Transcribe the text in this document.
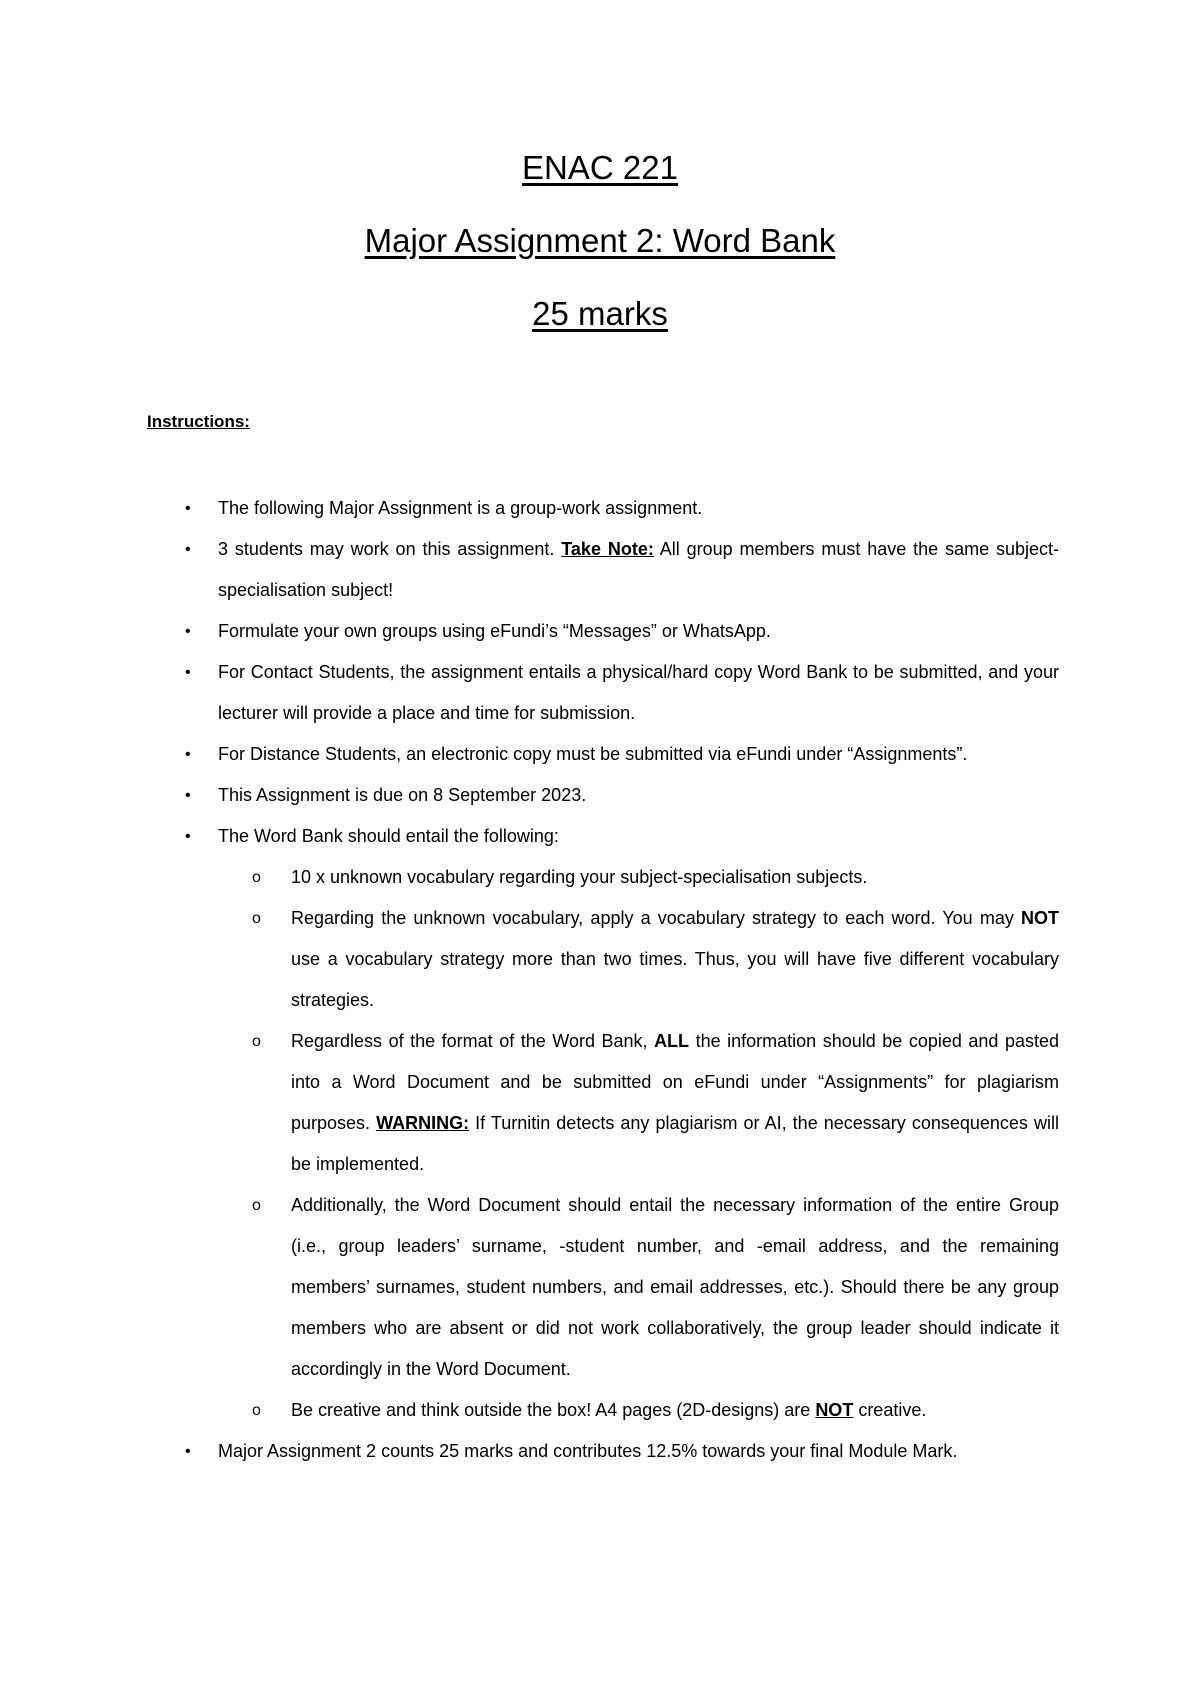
ENAC 221
Major Assignment 2: Word Bank
25 marks
Instructions:
• The following Major Assignment is a group-work assignment.
• 3 students may work on this assignment. Take Note: All group members must have the same subject-specialisation subject!
• Formulate your own groups using eFundi’s “Messages” or WhatsApp.
• For Contact Students, the assignment entails a physical/hard copy Word Bank to be submitted, and your lecturer will provide a place and time for submission.
• For Distance Students, an electronic copy must be submitted via eFundi under “Assignments”.
• This Assignment is due on 8 September 2023.
• The Word Bank should entail the following:
o 10 x unknown vocabulary regarding your subject-specialisation subjects.
o Regarding the unknown vocabulary, apply a vocabulary strategy to each word. You may NOT use a vocabulary strategy more than two times. Thus, you will have five different vocabulary strategies.
o Regardless of the format of the Word Bank, ALL the information should be copied and pasted into a Word Document and be submitted on eFundi under “Assignments” for plagiarism purposes. WARNING: If Turnitin detects any plagiarism or AI, the necessary consequences will be implemented.
o Additionally, the Word Document should entail the necessary information of the entire Group (i.e., group leaders’ surname, -student number, and -email address, and the remaining members’ surnames, student numbers, and email addresses, etc.). Should there be any group members who are absent or did not work collaboratively, the group leader should indicate it accordingly in the Word Document.
o Be creative and think outside the box! A4 pages (2D-designs) are NOT creative.
• Major Assignment 2 counts 25 marks and contributes 12.5% towards your final Module Mark.
